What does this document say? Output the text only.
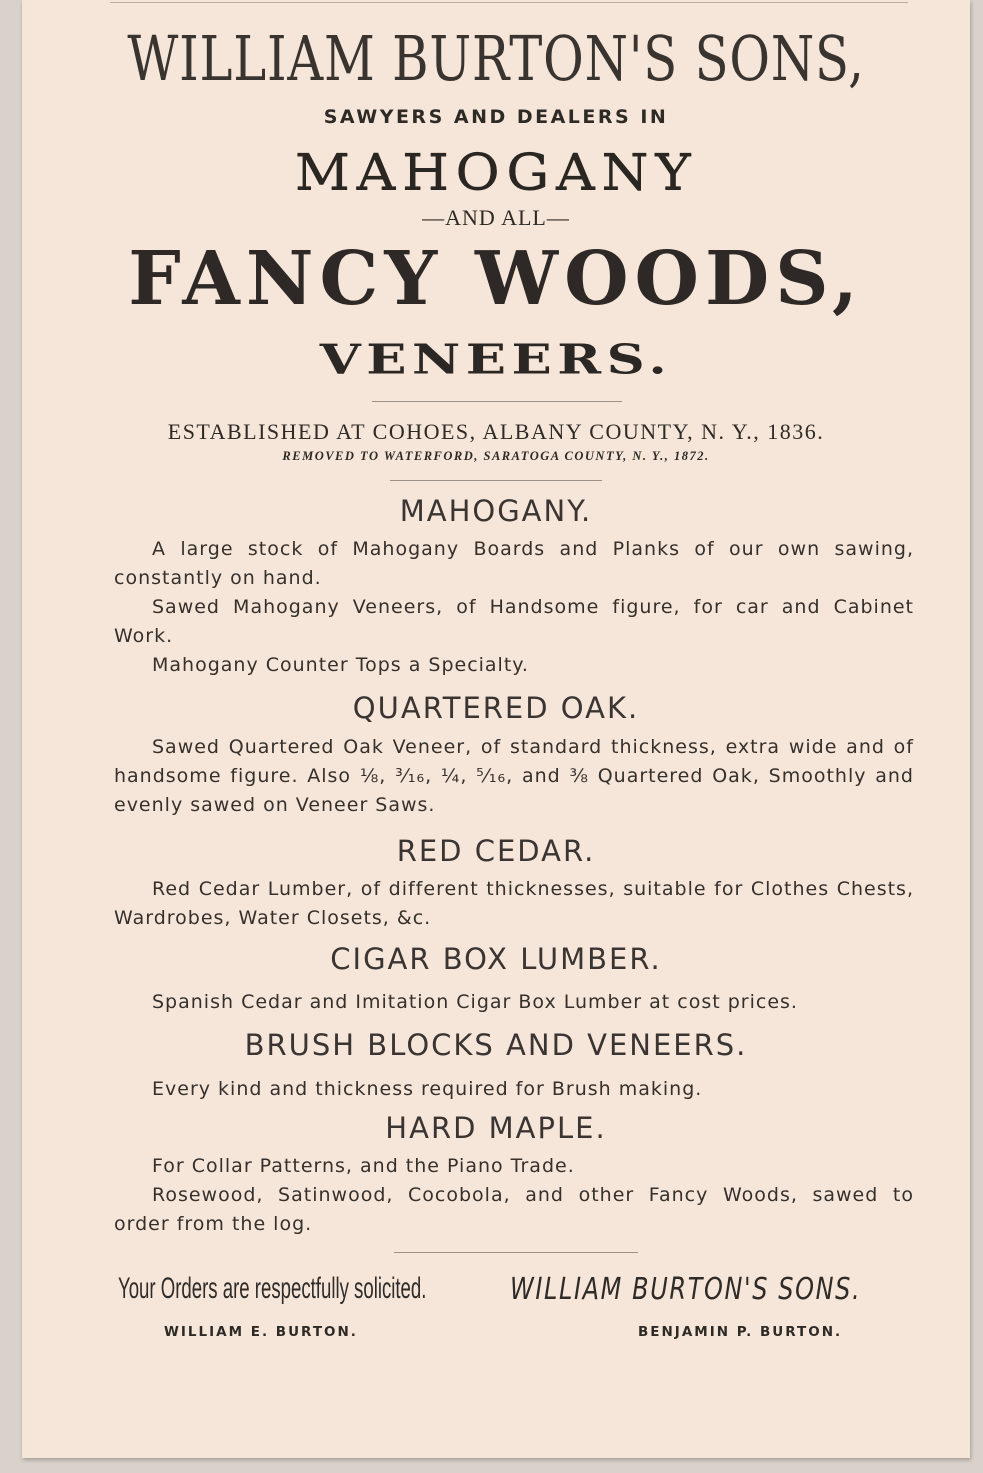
WILLIAM BURTON'S SONS,
SAWYERS AND DEALERS IN
MAHOGANY
—AND ALL—
FANCY WOODS,
VENEERS.
ESTABLISHED AT COHOES, ALBANY COUNTY, N. Y., 1836.
REMOVED TO WATERFORD, SARATOGA COUNTY, N. Y., 1872.
MAHOGANY.

A large stock of Mahogany Boards and Planks of our own sawing, constantly on hand.

Sawed Mahogany Veneers, of Handsome figure, for car and Cabinet Work.

Mahogany Counter Tops a Specialty.

QUARTERED OAK.

Sawed Quartered Oak Veneer, of standard thickness, extra wide and of handsome figure. Also ⅛, ³⁄₁₆, ¼, ⁵⁄₁₆, and ⅜ Quartered Oak, Smoothly and evenly sawed on Veneer Saws.

RED CEDAR.

Red Cedar Lumber, of different thicknesses, suitable for Clothes Chests, Wardrobes, Water Closets, &c.

CIGAR BOX LUMBER.

Spanish Cedar and Imitation Cigar Box Lumber at cost prices.

BRUSH BLOCKS AND VENEERS.

Every kind and thickness required for Brush making.

HARD MAPLE.

For Collar Patterns, and the Piano Trade.

Rosewood, Satinwood, Cocobola, and other Fancy Woods, sawed to order from the log.

Your Orders are respectfully solicited.	WILLIAM BURTON'S SONS.
WILLIAM E. BURTON.	BENJAMIN P. BURTON.
